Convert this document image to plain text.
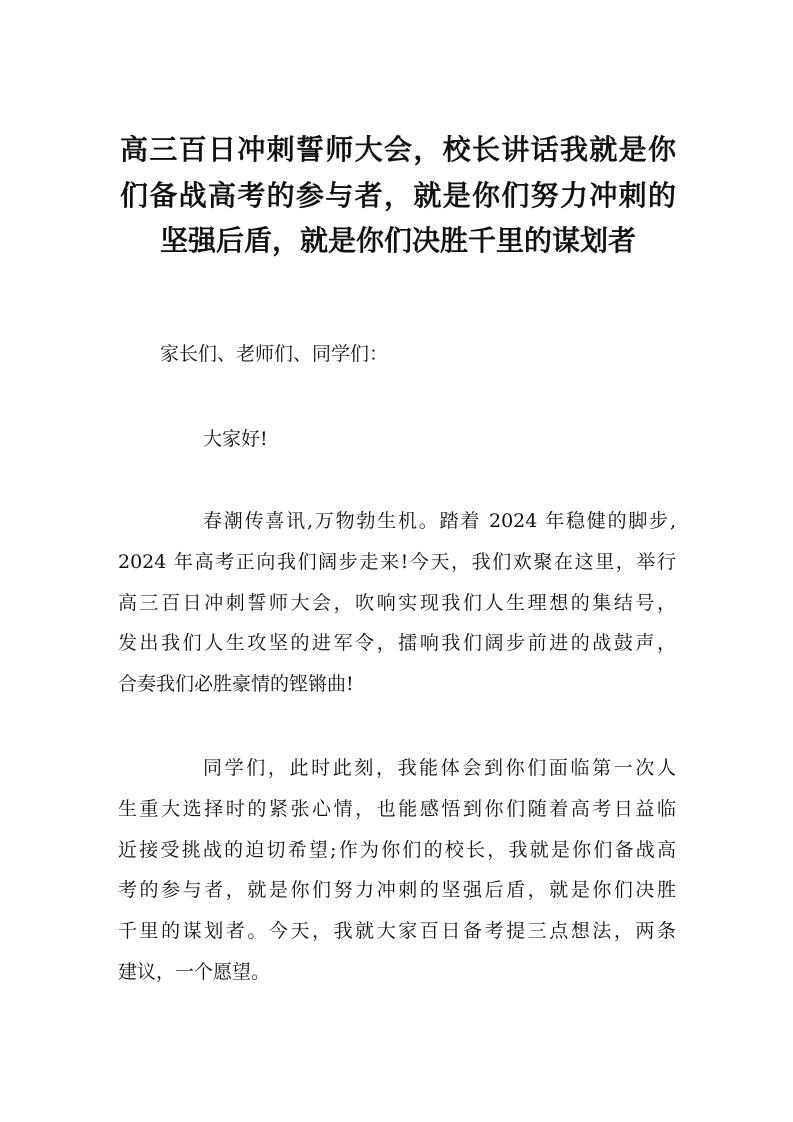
高三百日冲刺誓师大会，校长讲话我就是你
们备战高考的参与者，就是你们努力冲刺的
坚强后盾，就是你们决胜千里的谋划者
家长们、老师们、同学们：
大家好!
春潮传喜讯,万物勃生机。踏着 2024 年稳健的脚步,
2024 年高考正向我们阔步走来!今天，我们欢聚在这里，举行
高三百日冲刺誓师大会，吹响实现我们人生理想的集结号，
发出我们人生攻坚的进军令，擂响我们阔步前进的战鼓声，
合奏我们必胜豪情的铿锵曲!
同学们，此时此刻，我能体会到你们面临第一次人
生重大选择时的紧张心情，也能感悟到你们随着高考日益临
近接受挑战的迫切希望;作为你们的校长，我就是你们备战高
考的参与者，就是你们努力冲刺的坚强后盾，就是你们决胜
千里的谋划者。今天，我就大家百日备考提三点想法，两条
建议，一个愿望。
